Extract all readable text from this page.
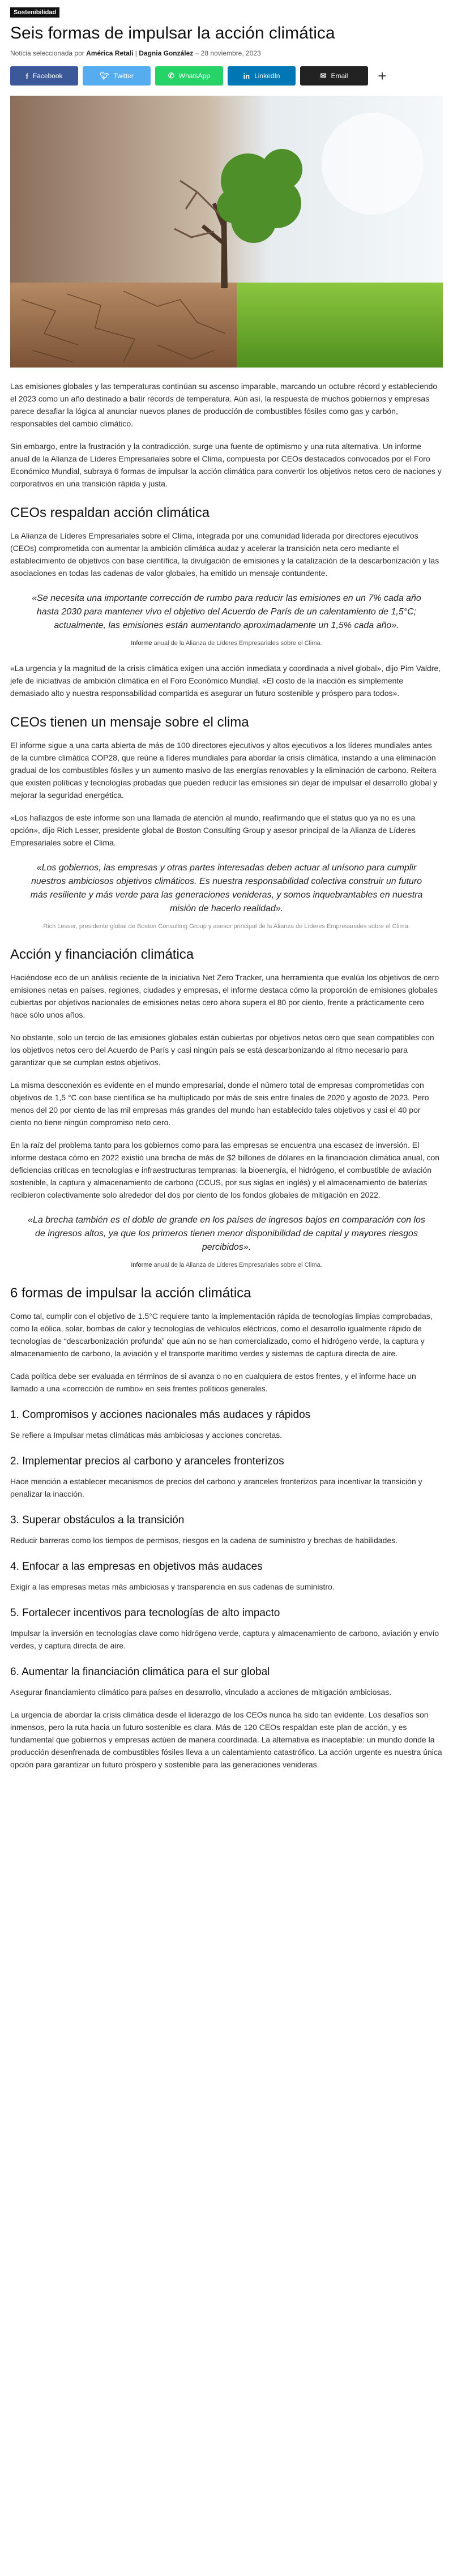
Sostenibilidad
Seis formas de impulsar la acción climática
Noticia seleccionada por América Retali | Dagnia González – 28 noviembre, 2023
f Facebook	🐦︎ Twitter	✆ WhatsApp	in LinkedIn	✉ Email	+

Las emisiones globales y las temperaturas continúan su ascenso imparable, marcando un octubre récord y estableciendo el 2023 como un año destinado a batir récords de temperatura. Aún así, la respuesta de muchos gobiernos y empresas parece desafiar la lógica al anunciar nuevos planes de producción de combustibles fósiles como gas y carbón, responsables del cambio climático.

Sin embargo, entre la frustración y la contradicción, surge una fuente de optimismo y una ruta alternativa. Un informe anual de la Alianza de Líderes Empresariales sobre el Clima, compuesta por CEOs destacados convocados por el Foro Económico Mundial, subraya 6 formas de impulsar la acción climática para convertir los objetivos netos cero de naciones y corporativos en una transición rápida y justa.

CEOs respaldan acción climática

La Alianza de Líderes Empresariales sobre el Clima, integrada por una comunidad liderada por directores ejecutivos (CEOs) comprometida con aumentar la ambición climática audaz y acelerar la transición neta cero mediante el establecimiento de objetivos con base científica, la divulgación de emisiones y la catalización de la descarbonización y las asociaciones en todas las cadenas de valor globales, ha emitido un mensaje contundente.

«Se necesita una importante corrección de rumbo para reducir las emisiones en un 7% cada año hasta 2030 para mantener vivo el objetivo del Acuerdo de París de un calentamiento de 1,5°C; actualmente, las emisiones están aumentando aproximadamente un 1,5% cada año».
Informe anual de la Alianza de Líderes Empresariales sobre el Clima.

«La urgencia y la magnitud de la crisis climática exigen una acción inmediata y coordinada a nivel global», dijo Pim Valdre, jefe de iniciativas de ambición climática en el Foro Económico Mundial. «El costo de la inacción es simplemente demasiado alto y nuestra responsabilidad compartida es asegurar un futuro sostenible y próspero para todos».

CEOs tienen un mensaje sobre el clima

El informe sigue a una carta abierta de más de 100 directores ejecutivos y altos ejecutivos a los líderes mundiales antes de la cumbre climática COP28, que reúne a líderes mundiales para abordar la crisis climática, instando a una eliminación gradual de los combustibles fósiles y un aumento masivo de las energías renovables y la eliminación de carbono. Reitera que existen políticas y tecnologías probadas que pueden reducir las emisiones sin dejar de impulsar el desarrollo global y mejorar la seguridad energética.

«Los hallazgos de este informe son una llamada de atención al mundo, reafirmando que el status quo ya no es una opción», dijo Rich Lesser, presidente global de Boston Consulting Group y asesor principal de la Alianza de Líderes Empresariales sobre el Clima.

«Los gobiernos, las empresas y otras partes interesadas deben actuar al unísono para cumplir nuestros ambiciosos objetivos climáticos. Es nuestra responsabilidad colectiva construir un futuro más resiliente y más verde para las generaciones venideras, y somos inquebrantables en nuestra misión de hacerlo realidad».
Rich Lesser, presidente global de Boston Consulting Group y asesor principal de la Alianza de Líderes Empresariales sobre el Clima.
Acción y financiación climática

Haciéndose eco de un análisis reciente de la iniciativa Net Zero Tracker, una herramienta que evalúa los objetivos de cero emisiones netas en países, regiones, ciudades y empresas, el informe destaca cómo la proporción de emisiones globales cubiertas por objetivos nacionales de emisiones netas cero ahora supera el 80 por ciento, frente a prácticamente cero hace sólo unos años.

No obstante, solo un tercio de las emisiones globales están cubiertas por objetivos netos cero que sean compatibles con los objetivos netos cero del Acuerdo de París y casi ningún país se está descarbonizando al ritmo necesario para garantizar que se cumplan estos objetivos.

La misma desconexión es evidente en el mundo empresarial, donde el número total de empresas comprometidas con objetivos de 1,5 °C con base científica se ha multiplicado por más de seis entre finales de 2020 y agosto de 2023. Pero menos del 20 por ciento de las mil empresas más grandes del mundo han establecido tales objetivos y casi el 40 por ciento no tiene ningún compromiso neto cero.

En la raíz del problema tanto para los gobiernos como para las empresas se encuentra una escasez de inversión. El informe destaca cómo en 2022 existió una brecha de más de $2 billones de dólares en la financiación climática anual, con deficiencias críticas en tecnologías e infraestructuras tempranas: la bioenergía, el hidrógeno, el combustible de aviación sostenible, la captura y almacenamiento de carbono (CCUS, por sus siglas en inglés) y el almacenamiento de baterías recibieron colectivamente solo alrededor del dos por ciento de los fondos globales de mitigación en 2022.

«La brecha también es el doble de grande en los países de ingresos bajos en comparación con los de ingresos altos, ya que los primeros tienen menor disponibilidad de capital y mayores riesgos percibidos».
Informe anual de la Alianza de Líderes Empresariales sobre el Clima.
6 formas de impulsar la acción climática

Como tal, cumplir con el objetivo de 1.5°C requiere tanto la implementación rápida de tecnologías limpias comprobadas, como la eólica, solar, bombas de calor y tecnologías de vehículos eléctricos, como el desarrollo igualmente rápido de tecnologías de “descarbonización profunda” que aún no se han comercializado, como el hidrógeno verde, la captura y almacenamiento de carbono, la aviación y el transporte marítimo verdes y sistemas de captura directa de aire.

Cada política debe ser evaluada en términos de si avanza o no en cualquiera de estos frentes, y el informe hace un llamado a una «corrección de rumbo» en seis frentes políticos generales.

1. Compromisos y acciones nacionales más audaces y rápidos

Se refiere a Impulsar metas climáticas más ambiciosas y acciones concretas.

2. Implementar precios al carbono y aranceles fronterizos

Hace mención a establecer mecanismos de precios del carbono y aranceles fronterizos para incentivar la transición y penalizar la inacción.

3. Superar obstáculos a la transición

Reducir barreras como los tiempos de permisos, riesgos en la cadena de suministro y brechas de habilidades.

4. Enfocar a las empresas en objetivos más audaces

Exigir a las empresas metas más ambiciosas y transparencia en sus cadenas de suministro.

5. Fortalecer incentivos para tecnologías de alto impacto

Impulsar la inversión en tecnologías clave como hidrógeno verde, captura y almacenamiento de carbono, aviación y envío verdes, y captura directa de aire.

6. Aumentar la financiación climática para el sur global

Asegurar financiamiento climático para países en desarrollo, vinculado a acciones de mitigación ambiciosas.

La urgencia de abordar la crisis climática desde el liderazgo de los CEOs nunca ha sido tan evidente. Los desafíos son inmensos, pero la ruta hacia un futuro sostenible es clara. Más de 120 CEOs respaldan este plan de acción, y es fundamental que gobiernos y empresas actúen de manera coordinada. La alternativa es inaceptable: un mundo donde la producción desenfrenada de combustibles fósiles lleva a un calentamiento catastrófico. La acción urgente es nuestra única opción para garantizar un futuro próspero y sostenible para las generaciones venideras.
